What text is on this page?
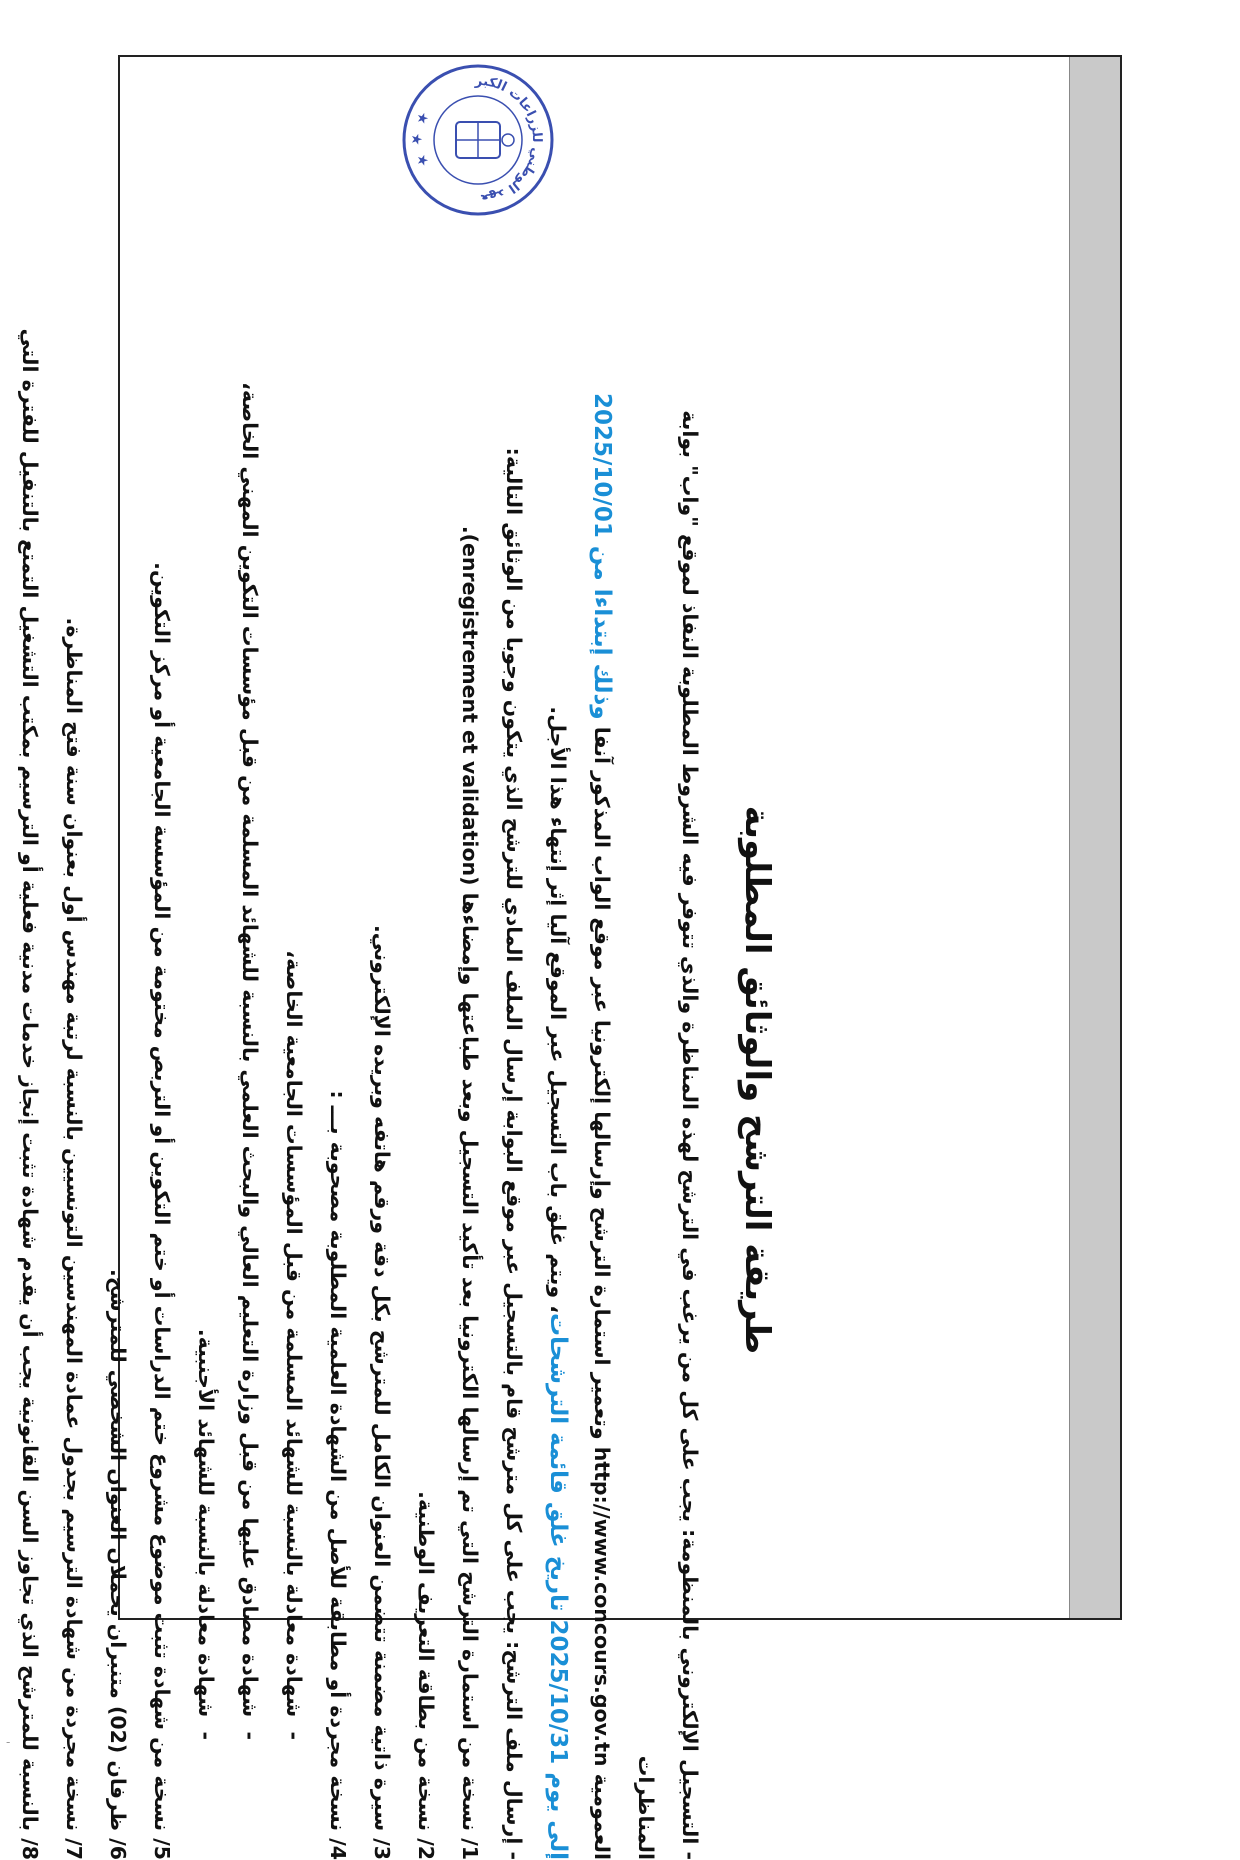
طريقة الترشح والوثائق المطلوبة

- التسجيل الإلكتروني بالمنظومة: يجب على كل من يرغب في الترشح لهذه المناظرة والذي تتوفر فيه الشروط المطلوبة النفاذ لموقع "واب" بوابة المناظرات
العمومية http://www.concours.gov.tn وتعمير استمارة الترشح وإرسالها إلكترونيا عبر موقع الواب المذكور آنفا وذلك إبتداءا من 2025/10/01
إلى يوم 2025/10/31 تاريخ غلق قائمة الترشحات، ويتم غلق باب التسجيل عبر الموقع آليا إثر إنتهاء هذا الأجل.

- إرسال ملف الترشح: يجب على كل مترشح قام بالتسجيل عبر موقع البوابة إرسال الملف المادي للترشح الذي يتكون وجوبا من الوثائق التالية:

1/ نسخة من استمارة الترشح التي تم إرسالها الكترونيا بعد تأكيد التسجيل وبعد طباعتها وإمضاءها (enregistrement et validation).

2/ نسخة من بطاقة التعريف الوطنية.

3/ سيرة ذاتية مضمنة تتضمن العنوان الكامل للمترشح بكل دقة ورقم هاتفه وبريده الإلكتروني.

4/ نسخة مجردة أو مطابقة للأصل من الشهادة العلمية المطلوبة مصحوبة بـــ :

-  شهادة معادلة بالنسبة للشهائد المسلمة من قبل المؤسسات الجامعية الخاصة،

-  شهادة مصادق عليها من قبل وزارة التعليم العالي والبحث العلمي بالنسبة للشهائد المسلمة من قبل مؤسسات التكوين المهني الخاصة،

-  شهادة معادلة بالنسبة للشهائد الأجنبية.

5/ نسخة من شهادة تثبت موضوع مشروع ختم الدراسات أو ختم التكوين أو التربص مختومة من المؤسسة الجامعية أو مركز التكوين.

6/ ظرفان (02) متنبران يحملان العنوان الشخصي للمترشح.

7/ نسخة مجردة من شهادة الترسيم بجدول عمادة المهندسين التونسيين بالنسبة لرتبة مهندس أول بعنوان سنة فتح المناظرة.

8/ بالنسبة للمترشح الذي تجاوز السن القانونية يجب أن يقدم شهادة تثبت إنجاز خدمات مدنية فعلية أو الترسيم بمكتب التشغيل التمتع بالتنفيل للفترة التي

عهد الوطني للزراعات الكبر
★
★
★
-
